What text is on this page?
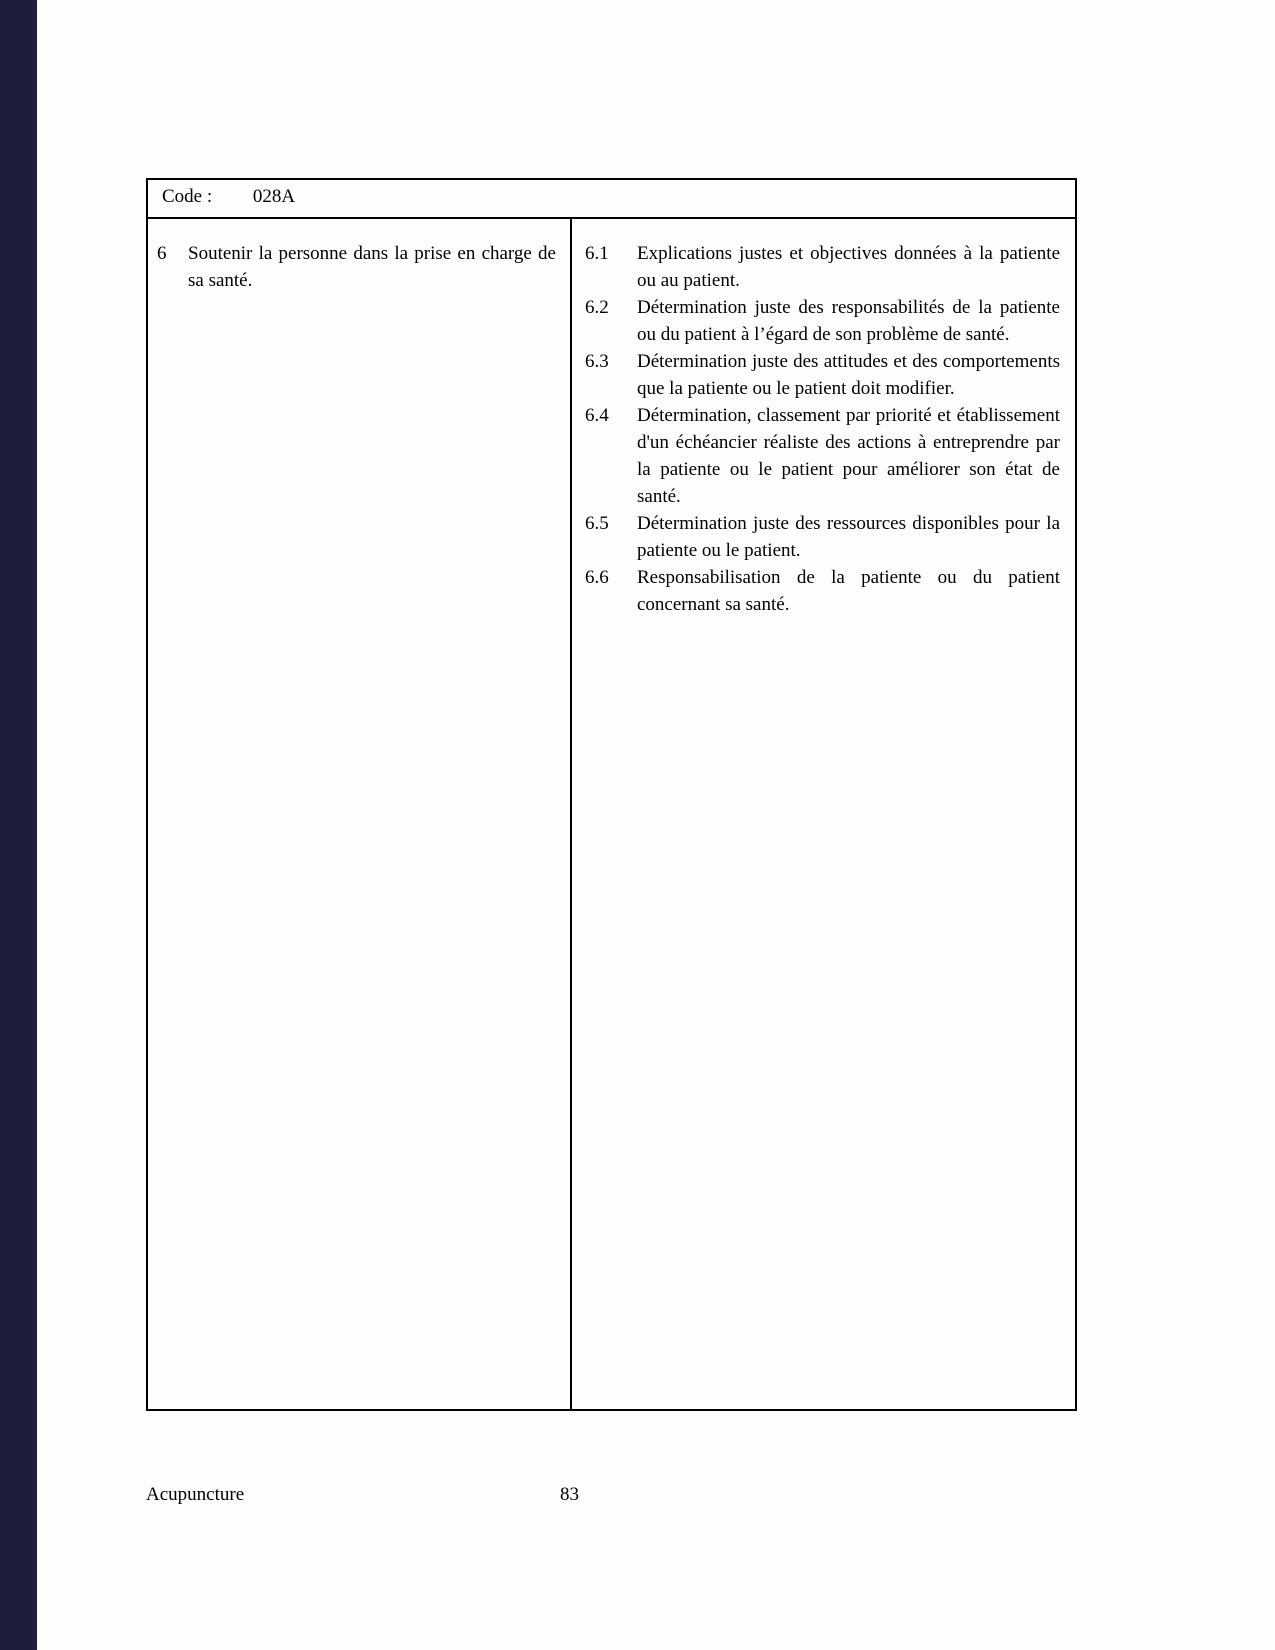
Code : 028A
6	Soutenir la personne dans la prise en charge de sa santé.
6.1	Explications justes et objectives données à la patiente ou au patient.
6.2	Détermination juste des responsabilités de la patiente ou du patient à l’égard de son problème de santé.
6.3	Détermination juste des attitudes et des comportements que la patiente ou le patient doit modifier.
6.4	Détermination, classement par priorité et établissement d'un échéancier réaliste des actions à entreprendre par la patiente ou le patient pour améliorer son état de santé.
6.5	Détermination juste des ressources disponibles pour la patiente ou le patient.
6.6	Responsabilisation de la patiente ou du patient concernant sa santé.
Acupuncture	83
